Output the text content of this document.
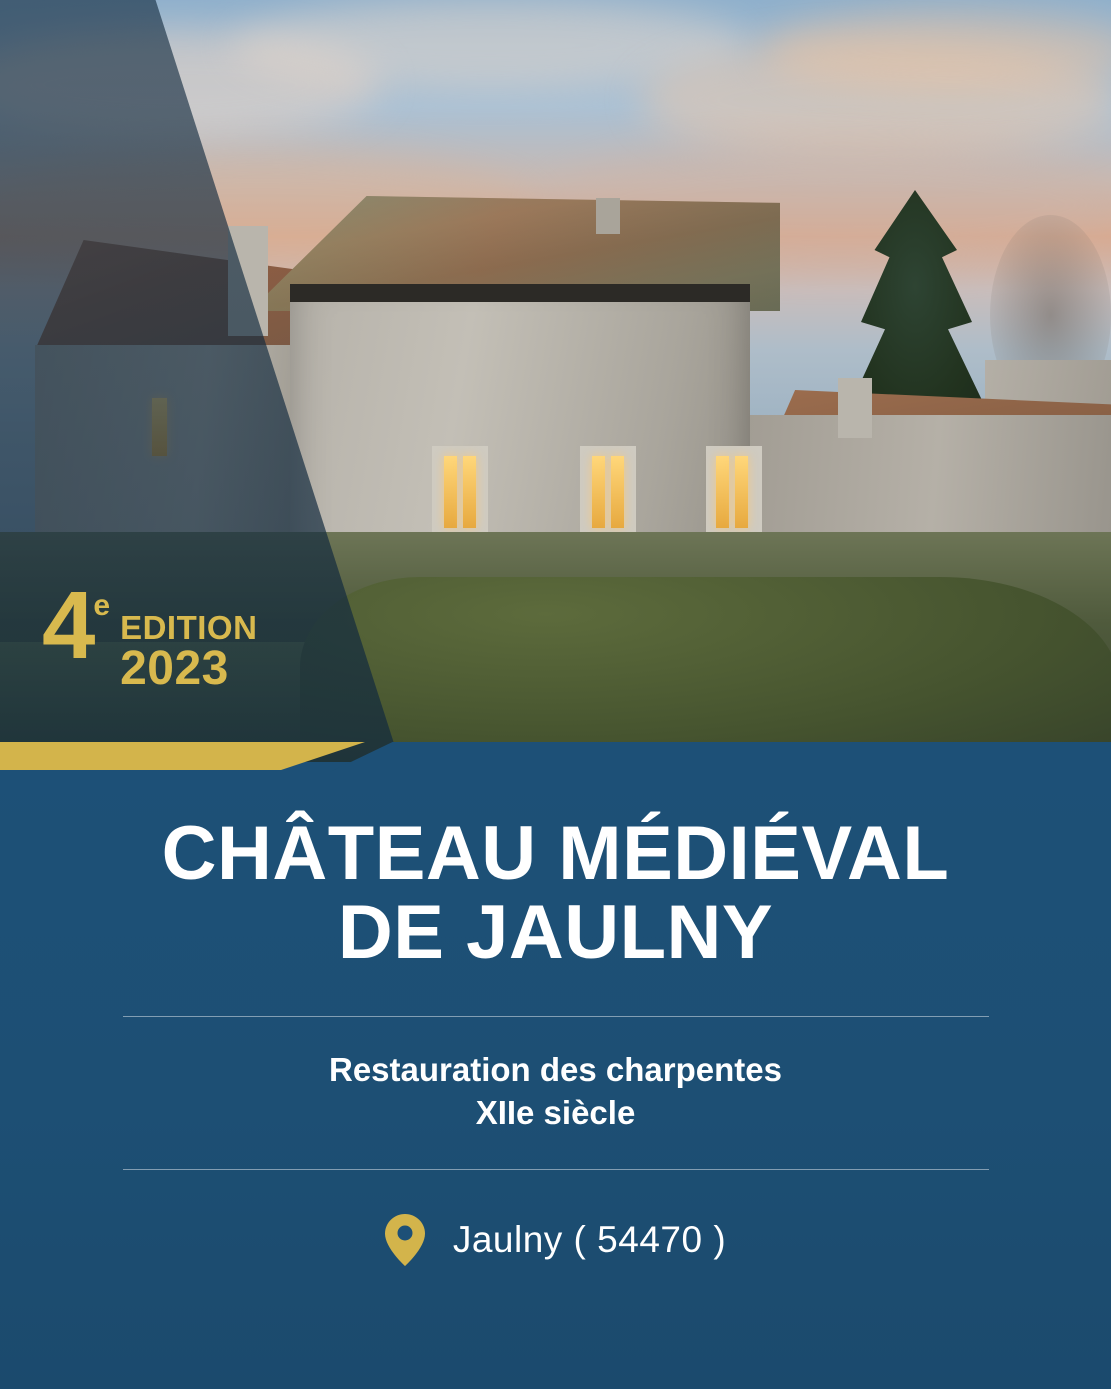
4 e
EDITION
2023
CHÂTEAU MÉDIÉVAL
DE JAULNY
Restauration des charpentes
XIIe siècle
Jaulny ( 54470 )
